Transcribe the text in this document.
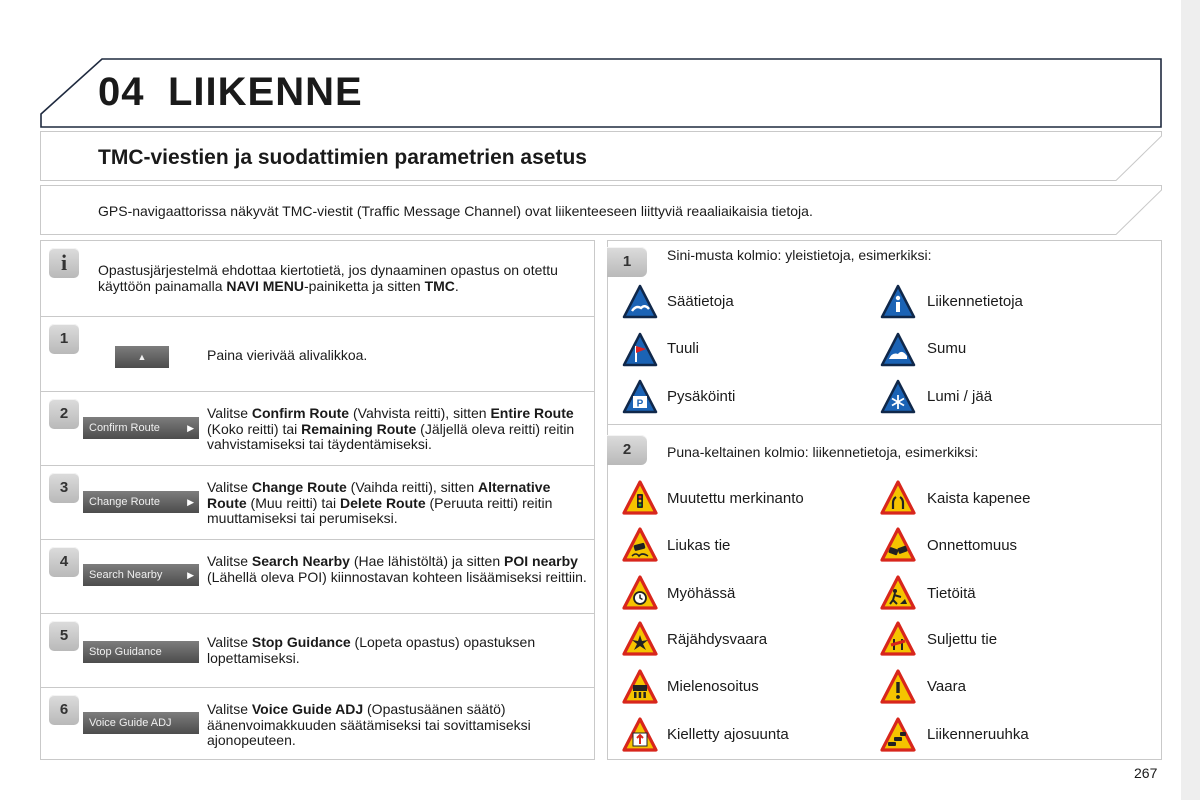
04 LIIKENNE
TMC-viestien ja suodattimien parametrien asetus
GPS-navigaattorissa näkyvät TMC-viestit (Traffic Message Channel) ovat liikenteeseen liittyviä reaaliaikaisia tietoja.
i	Opastusjärjestelmä ehdottaa kiertotietä, jos dynaaminen opastus on otettu käyttöön painamalla NAVI MENU-painiketta ja sitten TMC.
1
▲	Paina vierivää alivalikkoa.
2
Confirm Route	▶
Valitse Confirm Route (Vahvista reitti), sitten Entire Route (Koko reitti) tai Remaining Route (Jäljellä oleva reitti) reitin vahvistamiseksi tai täydentämiseksi.
3
Change Route	▶
Valitse Change Route (Vaihda reitti), sitten Alternative Route (Muu reitti) tai Delete Route (Peruuta reitti) reitin muuttamiseksi tai perumiseksi.
4
Search Nearby	▶
Valitse Search Nearby (Hae lähistöltä) ja sitten POI nearby (Lähellä oleva POI) kiinnostavan kohteen lisäämiseksi reittiin.
5
Stop Guidance
Valitse Stop Guidance (Lopeta opastus) opastuksen lopettamiseksi.
6
Voice Guide ADJ
Valitse Voice Guide ADJ (Opastusäänen säätö) äänenvoimakkuuden säätämiseksi tai sovittamiseksi ajonopeuteen.
1	Sini-musta kolmio: yleistietoja, esimerkiksi:
2	Puna-keltainen kolmio: liikennetietoja, esimerkiksi:
Säätietoja	Liikennetietoja
Tuuli	Sumu
P Pysäköinti	Lumi / jää
Muutettu merkinanto	Kaista kapenee
Liukas tie	Onnettomuus
Myöhässä	Tietöitä
Räjähdysvaara	Suljettu tie
Mielenosoitus	Vaara
Kielletty ajosuunta	Liikenneruuhka
267
